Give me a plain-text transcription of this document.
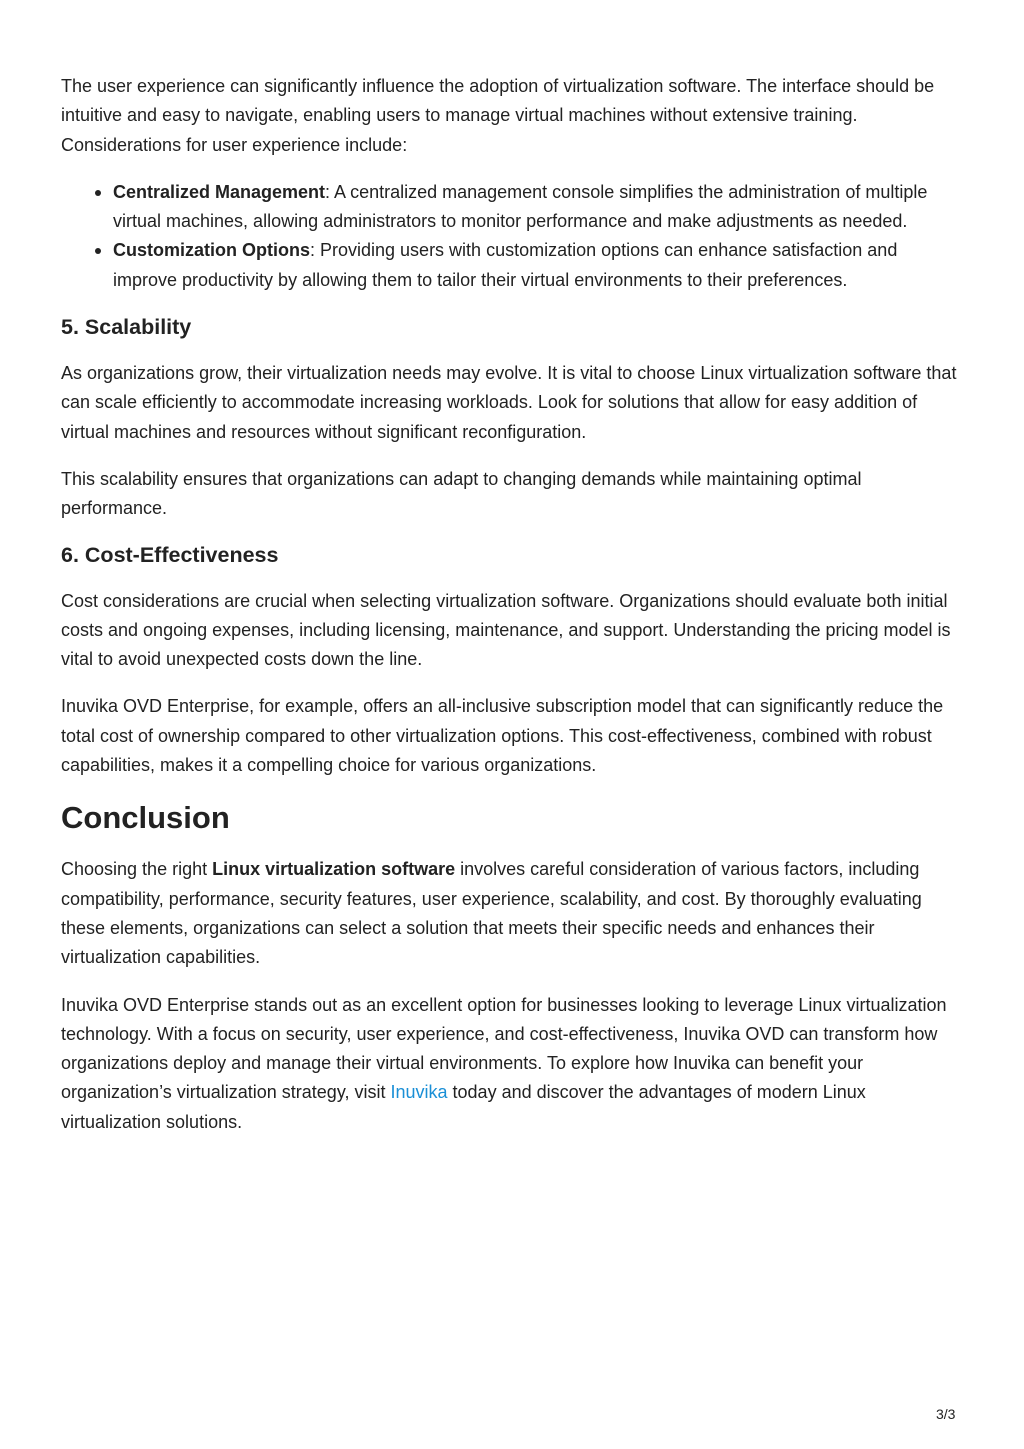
The user experience can significantly influence the adoption of virtualization software. The interface should be intuitive and easy to navigate, enabling users to manage virtual machines without extensive training. Considerations for user experience include:

Centralized Management: A centralized management console simplifies the administration of multiple virtual machines, allowing administrators to monitor performance and make adjustments as needed.
Customization Options: Providing users with customization options can enhance satisfaction and improve productivity by allowing them to tailor their virtual environments to their preferences.
5. Scalability

As organizations grow, their virtualization needs may evolve. It is vital to choose Linux virtualization software that can scale efficiently to accommodate increasing workloads. Look for solutions that allow for easy addition of virtual machines and resources without significant reconfiguration.

This scalability ensures that organizations can adapt to changing demands while maintaining optimal performance.

6. Cost-Effectiveness

Cost considerations are crucial when selecting virtualization software. Organizations should evaluate both initial costs and ongoing expenses, including licensing, maintenance, and support. Understanding the pricing model is vital to avoid unexpected costs down the line.

Inuvika OVD Enterprise, for example, offers an all-inclusive subscription model that can significantly reduce the total cost of ownership compared to other virtualization options. This cost-effectiveness, combined with robust capabilities, makes it a compelling choice for various organizations.

Conclusion

Choosing the right Linux virtualization software involves careful consideration of various factors, including compatibility, performance, security features, user experience, scalability, and cost. By thoroughly evaluating these elements, organizations can select a solution that meets their specific needs and enhances their virtualization capabilities.

Inuvika OVD Enterprise stands out as an excellent option for businesses looking to leverage Linux virtualization technology. With a focus on security, user experience, and cost-effectiveness, Inuvika OVD can transform how organizations deploy and manage their virtual environments. To explore how Inuvika can benefit your organization’s virtualization strategy, visit Inuvika today and discover the advantages of modern Linux virtualization solutions.

3/3
